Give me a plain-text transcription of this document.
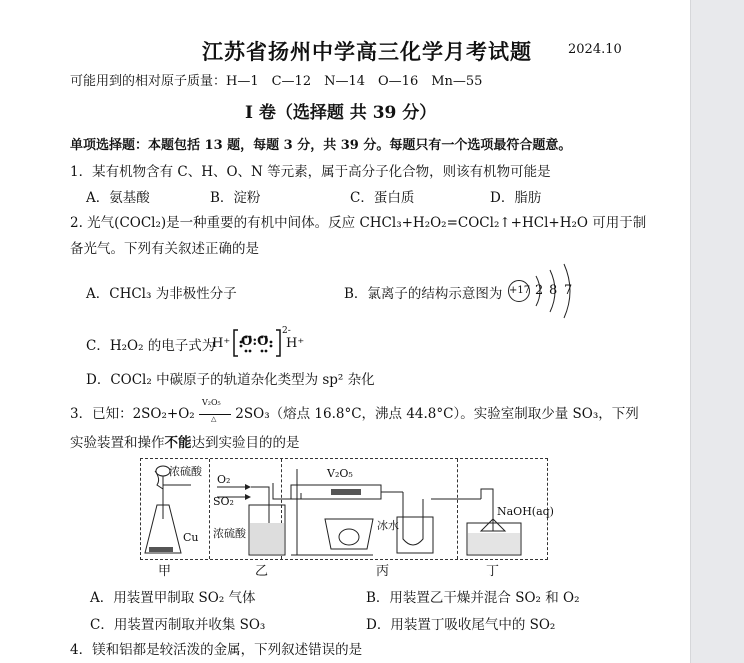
江苏省扬州中学高三化学月考试题	2024.10
可能用到的相对原子质量：H—1　C—12　N—14　O—16　Mn—55
I 卷（选择题 共 39 分）
单项选择题：本题包括 13 题，每题 3 分，共 39 分。每题只有一个选项最符合题意。
1．某有机物含有 C、H、O、N 等元素，属于高分子化合物，则该有机物可能是
A．氨基酸	B．淀粉	C．蛋白质	D．脂肪
2. 光气(COCl₂)是一种重要的有机中间体。反应 CHCl₃+H₂O₂=COCl₂↑+HCl+H₂O 可用于制
备光气。下列有关叙述正确的是
A．CHCl₃ 为非极性分子	B．氯离子的结构示意图为 +17 2 8 7
C．H₂O₂ 的电子式为
H⁺ O:O
2-
H⁺
D．COCl₂ 中碳原子的轨道杂化类型为 sp² 杂化
3．已知：2SO₂+O₂
V₂O₅
△ 2SO₃（熔点 16.8°C，沸点 44.8°C）。实验室制取少量 SO₃，下列
实验装置和操作不能达到实验目的的是
浓硫酸
Cu
O₂
SO₂
浓硫酸
V₂O₅
冰水
NaOH(aq)
甲	乙	丙	丁
A．用装置甲制取 SO₂ 气体	B．用装置乙干燥并混合 SO₂ 和 O₂
C．用装置丙制取并收集 SO₃	D．用装置丁吸收尾气中的 SO₂
4．镁和铝都是较活泼的金属，下列叙述错误的是
